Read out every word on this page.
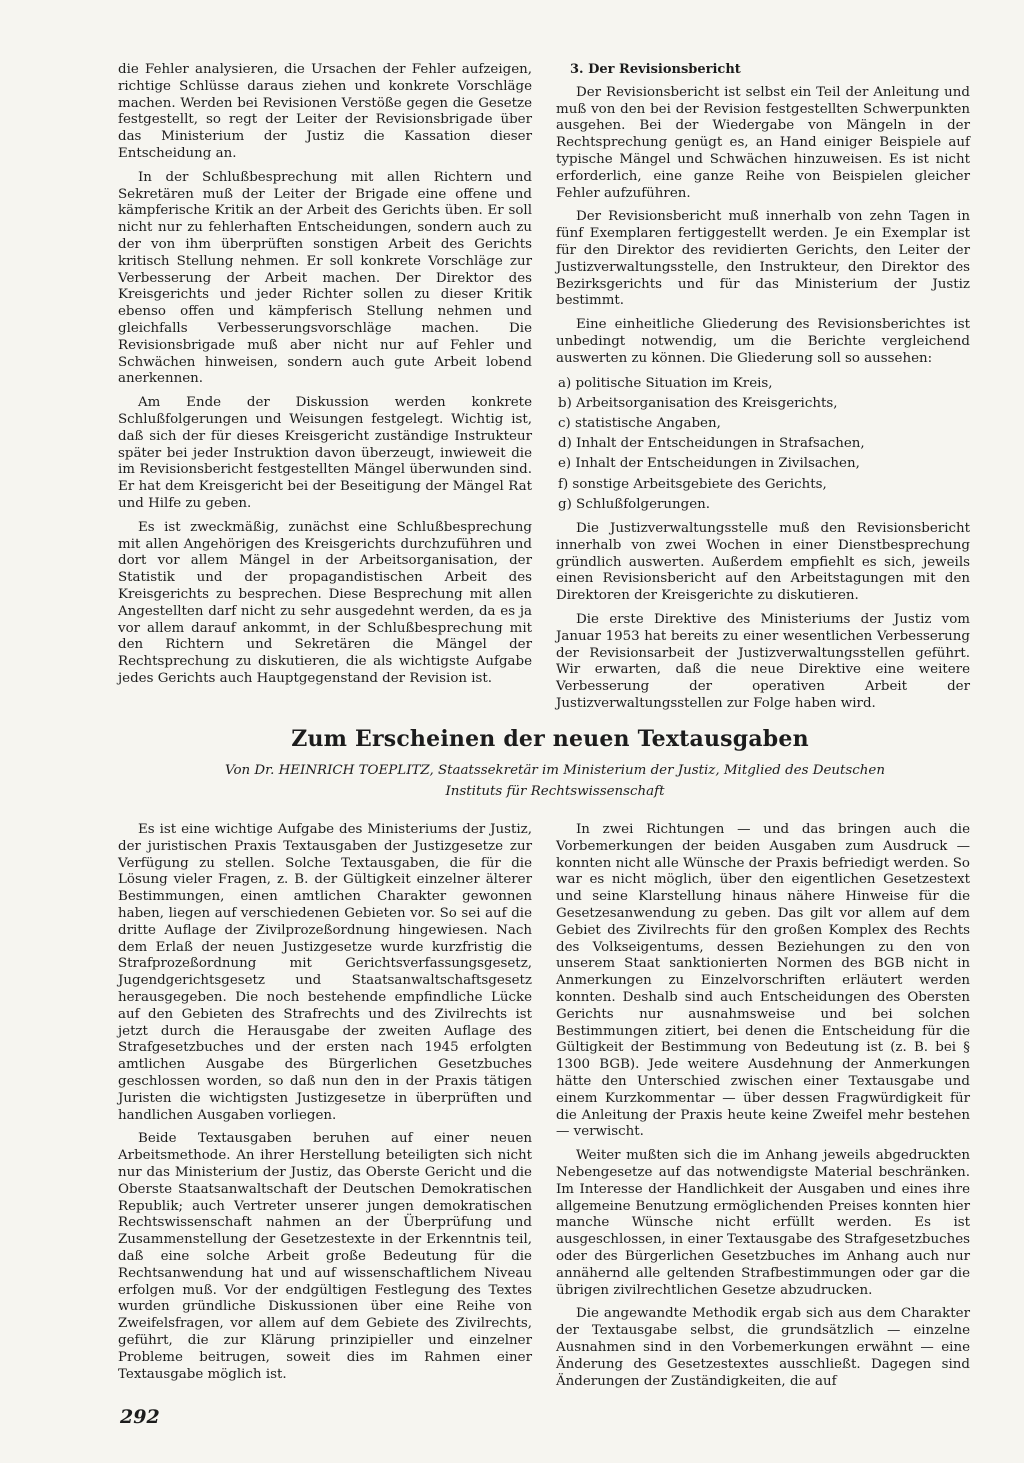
die Fehler analysieren, die Ursachen der Fehler aufzeigen, richtige Schlüsse daraus ziehen und konkrete Vorschläge machen. Werden bei Revisionen Verstöße gegen die Gesetze festgestellt, so regt der Leiter der Revisionsbrigade über das Ministerium der Justiz die Kassation dieser Entscheidung an.

In der Schlußbesprechung mit allen Richtern und Sekretären muß der Leiter der Brigade eine offene und kämpferische Kritik an der Arbeit des Gerichts üben. Er soll nicht nur zu fehlerhaften Entscheidungen, sondern auch zu der von ihm überprüften sonstigen Arbeit des Gerichts kritisch Stellung nehmen. Er soll konkrete Vorschläge zur Verbesserung der Arbeit machen. Der Direktor des Kreisgerichts und jeder Richter sollen zu dieser Kritik ebenso offen und kämpferisch Stellung nehmen und gleichfalls Verbesserungsvorschläge machen. Die Revisionsbrigade muß aber nicht nur auf Fehler und Schwächen hinweisen, sondern auch gute Arbeit lobend anerkennen.

Am Ende der Diskussion werden konkrete Schlußfolgerungen und Weisungen festgelegt. Wichtig ist, daß sich der für dieses Kreisgericht zuständige Instrukteur später bei jeder Instruktion davon überzeugt, inwieweit die im Revisionsbericht festgestellten Mängel überwunden sind. Er hat dem Kreisgericht bei der Beseitigung der Mängel Rat und Hilfe zu geben.

Es ist zweckmäßig, zunächst eine Schlußbesprechung mit allen Angehörigen des Kreisgerichts durchzuführen und dort vor allem Mängel in der Arbeitsorganisation, der Statistik und der propagandistischen Arbeit des Kreisgerichts zu besprechen. Diese Besprechung mit allen Angestellten darf nicht zu sehr ausgedehnt werden, da es ja vor allem darauf ankommt, in der Schlußbesprechung mit den Richtern und Sekretären die Mängel der Rechtsprechung zu diskutieren, die als wichtigste Aufgabe jedes Gerichts auch Hauptgegenstand der Revision ist.

3. Der Revisionsbericht

Der Revisionsbericht ist selbst ein Teil der Anleitung und muß von den bei der Revision festgestellten Schwerpunkten ausgehen. Bei der Wiedergabe von Mängeln in der Rechtsprechung genügt es, an Hand einiger Beispiele auf typische Mängel und Schwächen hinzuweisen. Es ist nicht erforderlich, eine ganze Reihe von Beispielen gleicher Fehler aufzuführen.

Der Revisionsbericht muß innerhalb von zehn Tagen in fünf Exemplaren fertiggestellt werden. Je ein Exemplar ist für den Direktor des revidierten Gerichts, den Leiter der Justizverwaltungsstelle, den Instrukteur, den Direktor des Bezirksgerichts und für das Ministerium der Justiz bestimmt.

Eine einheitliche Gliederung des Revisionsberichtes ist unbedingt notwendig, um die Berichte vergleichend auswerten zu können. Die Gliederung soll so aussehen:

a) politische Situation im Kreis,
b) Arbeitsorganisation des Kreisgerichts,
c) statistische Angaben,
d) Inhalt der Entscheidungen in Strafsachen,
e) Inhalt der Entscheidungen in Zivilsachen,
f) sonstige Arbeitsgebiete des Gerichts,
g) Schlußfolgerungen.

Die Justizverwaltungsstelle muß den Revisionsbericht innerhalb von zwei Wochen in einer Dienstbesprechung gründlich auswerten. Außerdem empfiehlt es sich, jeweils einen Revisionsbericht auf den Arbeitstagungen mit den Direktoren der Kreisgerichte zu diskutieren.

Die erste Direktive des Ministeriums der Justiz vom Januar 1953 hat bereits zu einer wesentlichen Verbesserung der Revisionsarbeit der Justizverwaltungsstellen geführt. Wir erwarten, daß die neue Direktive eine weitere Verbesserung der operativen Arbeit der Justizverwaltungsstellen zur Folge haben wird.

Zum Erscheinen der neuen Textausgaben
Von Dr. HEINRICH TOEPLITZ, Staatssekretär im Ministerium der Justiz, Mitglied des Deutschen
Instituts für Rechtswissenschaft

Es ist eine wichtige Aufgabe des Ministeriums der Justiz, der juristischen Praxis Textausgaben der Justizgesetze zur Verfügung zu stellen. Solche Textausgaben, die für die Lösung vieler Fragen, z. B. der Gültigkeit einzelner älterer Bestimmungen, einen amtlichen Charakter gewonnen haben, liegen auf verschiedenen Gebieten vor. So sei auf die dritte Auflage der Zivilprozeßordnung hingewiesen. Nach dem Erlaß der neuen Justizgesetze wurde kurzfristig die Strafprozeßordnung mit Gerichtsverfassungsgesetz, Jugendgerichtsgesetz und Staatsanwaltschaftsgesetz herausgegeben. Die noch bestehende empfindliche Lücke auf den Gebieten des Strafrechts und des Zivilrechts ist jetzt durch die Herausgabe der zweiten Auflage des Strafgesetzbuches und der ersten nach 1945 erfolgten amtlichen Ausgabe des Bürgerlichen Gesetzbuches geschlossen worden, so daß nun den in der Praxis tätigen Juristen die wichtigsten Justizgesetze in überprüften und handlichen Ausgaben vorliegen.

Beide Textausgaben beruhen auf einer neuen Arbeitsmethode. An ihrer Herstellung beteiligten sich nicht nur das Ministerium der Justiz, das Oberste Gericht und die Oberste Staatsanwaltschaft der Deutschen Demokratischen Republik; auch Vertreter unserer jungen demokratischen Rechtswissenschaft nahmen an der Überprüfung und Zusammenstellung der Gesetzestexte in der Erkenntnis teil, daß eine solche Arbeit große Bedeutung für die Rechtsanwendung hat und auf wissenschaftlichem Niveau erfolgen muß. Vor der endgültigen Festlegung des Textes wurden gründliche Diskussionen über eine Reihe von Zweifelsfragen, vor allem auf dem Gebiete des Zivilrechts, geführt, die zur Klärung prinzipieller und einzelner Probleme beitrugen, soweit dies im Rahmen einer Textausgabe möglich ist.

In zwei Richtungen — und das bringen auch die Vorbemerkungen der beiden Ausgaben zum Ausdruck — konnten nicht alle Wünsche der Praxis befriedigt werden. So war es nicht möglich, über den eigentlichen Gesetzestext und seine Klarstellung hinaus nähere Hinweise für die Gesetzesanwendung zu geben. Das gilt vor allem auf dem Gebiet des Zivilrechts für den großen Komplex des Rechts des Volkseigentums, dessen Beziehungen zu den von unserem Staat sanktionierten Normen des BGB nicht in Anmerkungen zu Einzelvorschriften erläutert werden konnten. Deshalb sind auch Entscheidungen des Obersten Gerichts nur ausnahmsweise und bei solchen Bestimmungen zitiert, bei denen die Entscheidung für die Gültigkeit der Bestimmung von Bedeutung ist (z. B. bei § 1300 BGB). Jede weitere Ausdehnung der Anmerkungen hätte den Unterschied zwischen einer Textausgabe und einem Kurzkommentar — über dessen Fragwürdigkeit für die Anleitung der Praxis heute keine Zweifel mehr bestehen — verwischt.

Weiter mußten sich die im Anhang jeweils abgedruckten Nebengesetze auf das notwendigste Material beschränken. Im Interesse der Handlichkeit der Ausgaben und eines ihre allgemeine Benutzung ermöglichenden Preises konnten hier manche Wünsche nicht erfüllt werden. Es ist ausgeschlossen, in einer Textausgabe des Strafgesetzbuches oder des Bürgerlichen Gesetzbuches im Anhang auch nur annähernd alle geltenden Strafbestimmungen oder gar die übrigen zivilrechtlichen Gesetze abzudrucken.

Die angewandte Methodik ergab sich aus dem Charakter der Textausgabe selbst, die grundsätzlich — einzelne Ausnahmen sind in den Vorbemerkungen erwähnt — eine Änderung des Gesetzestextes ausschließt. Dagegen sind Änderungen der Zuständigkeiten, die auf

292
